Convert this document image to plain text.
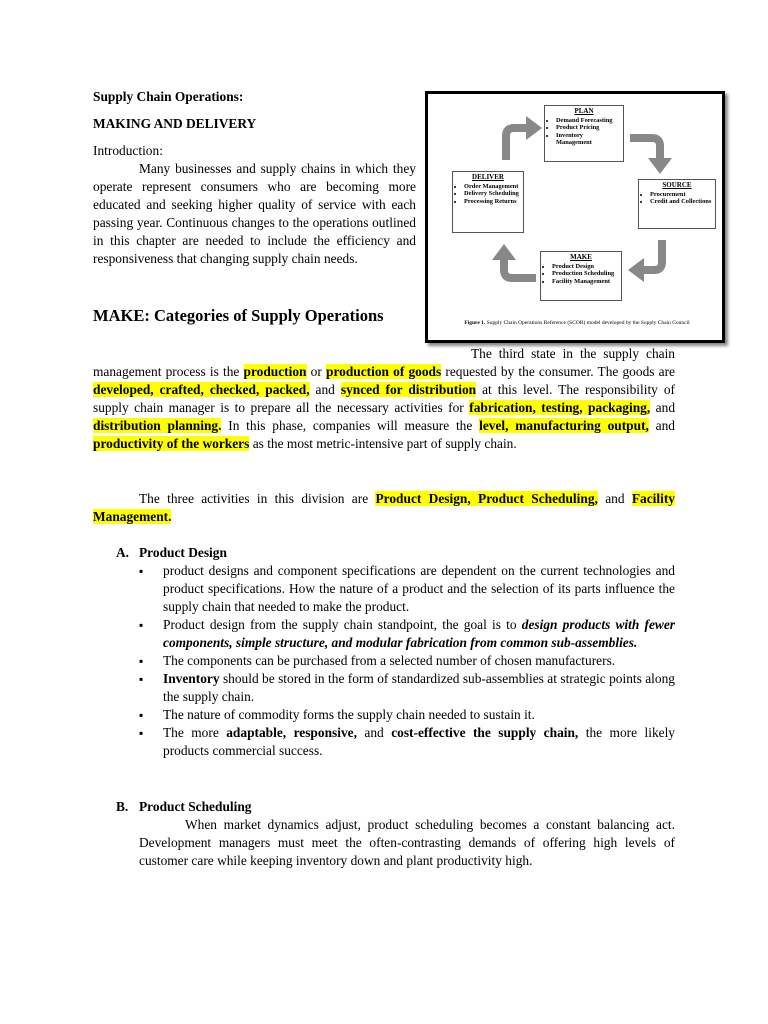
Supply Chain Operations:
MAKING AND DELIVERY
Introduction:
Many businesses and supply chains in which they operate represent consumers who are becoming more educated and seeking higher quality of service with each passing year. Continuous changes to the operations outlined in this chapter are needed to include the efficiency and responsiveness that changing supply chain needs.
MAKE: Categories of Supply Operations
PLAN
• Demand Forecasting
• Product Pricing
• Inventory Management
SOURCE
• Procurement
• Credit and Collections
MAKE
• Product Design
• Production Scheduling
• Facility Management
DELIVER
• Order Management
• Delivery Scheduling
• Processing Returns
Figure 1. Supply Chain Operations Reference (SCOR) model developed by the Supply Chain Council
The third state in the supply chain management process is the production or production of goods requested by the consumer. The goods are developed, crafted, checked, packed, and synced for distribution at this level. The responsibility of supply chain manager is to prepare all the necessary activities for fabrication, testing, packaging, and distribution planning. In this phase, companies will measure the level, manufacturing output, and productivity of the workers as the most metric-intensive part of supply chain.
The three activities in this division are Product Design, Product Scheduling, and Facility Management.
A. Product Design
▪ product designs and component specifications are dependent on the current technologies and product specifications. How the nature of a product and the selection of its parts influence the supply chain that needed to make the product.
▪ Product design from the supply chain standpoint, the goal is to design products with fewer components, simple structure, and modular fabrication from common sub-assemblies.
▪ The components can be purchased from a selected number of chosen manufacturers.
▪ Inventory should be stored in the form of standardized sub-assemblies at strategic points along the supply chain.
▪ The nature of commodity forms the supply chain needed to sustain it.
▪ The more adaptable, responsive, and cost-effective the supply chain, the more likely products commercial success.
B. Product Scheduling
When market dynamics adjust, product scheduling becomes a constant balancing act. Development managers must meet the often-contrasting demands of offering high levels of customer care while keeping inventory down and plant productivity high.
